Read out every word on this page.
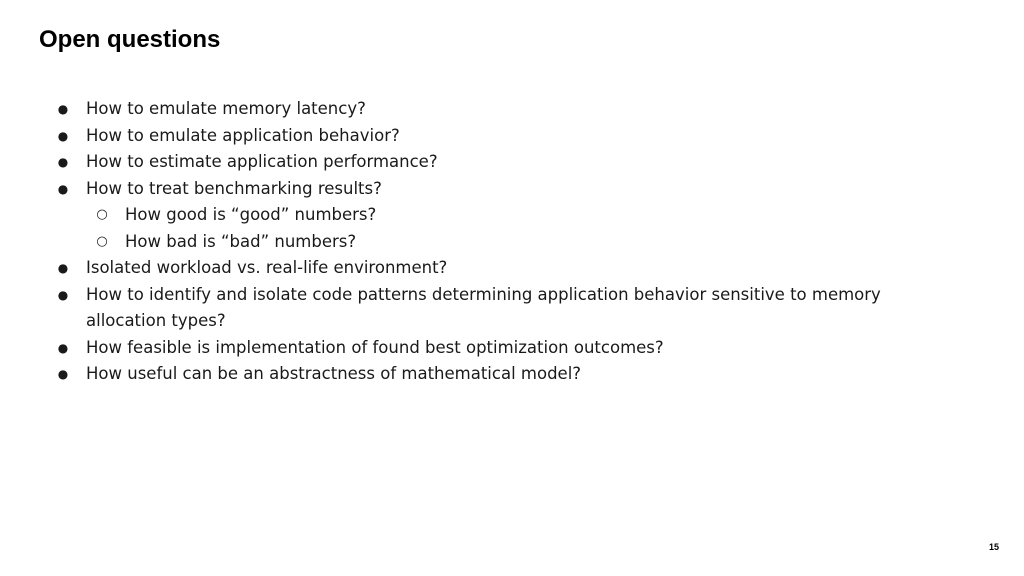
Open questions
● How to emulate memory latency?
● How to emulate application behavior?
● How to estimate application performance?
● How to treat benchmarking results?
○ How good is “good” numbers?
○ How bad is “bad” numbers?
● Isolated workload vs. real-life environment?
● How to identify and isolate code patterns determining application behavior sensitive to memory allocation types?
● How feasible is implementation of found best optimization outcomes?
● How useful can be an abstractness of mathematical model?
15
